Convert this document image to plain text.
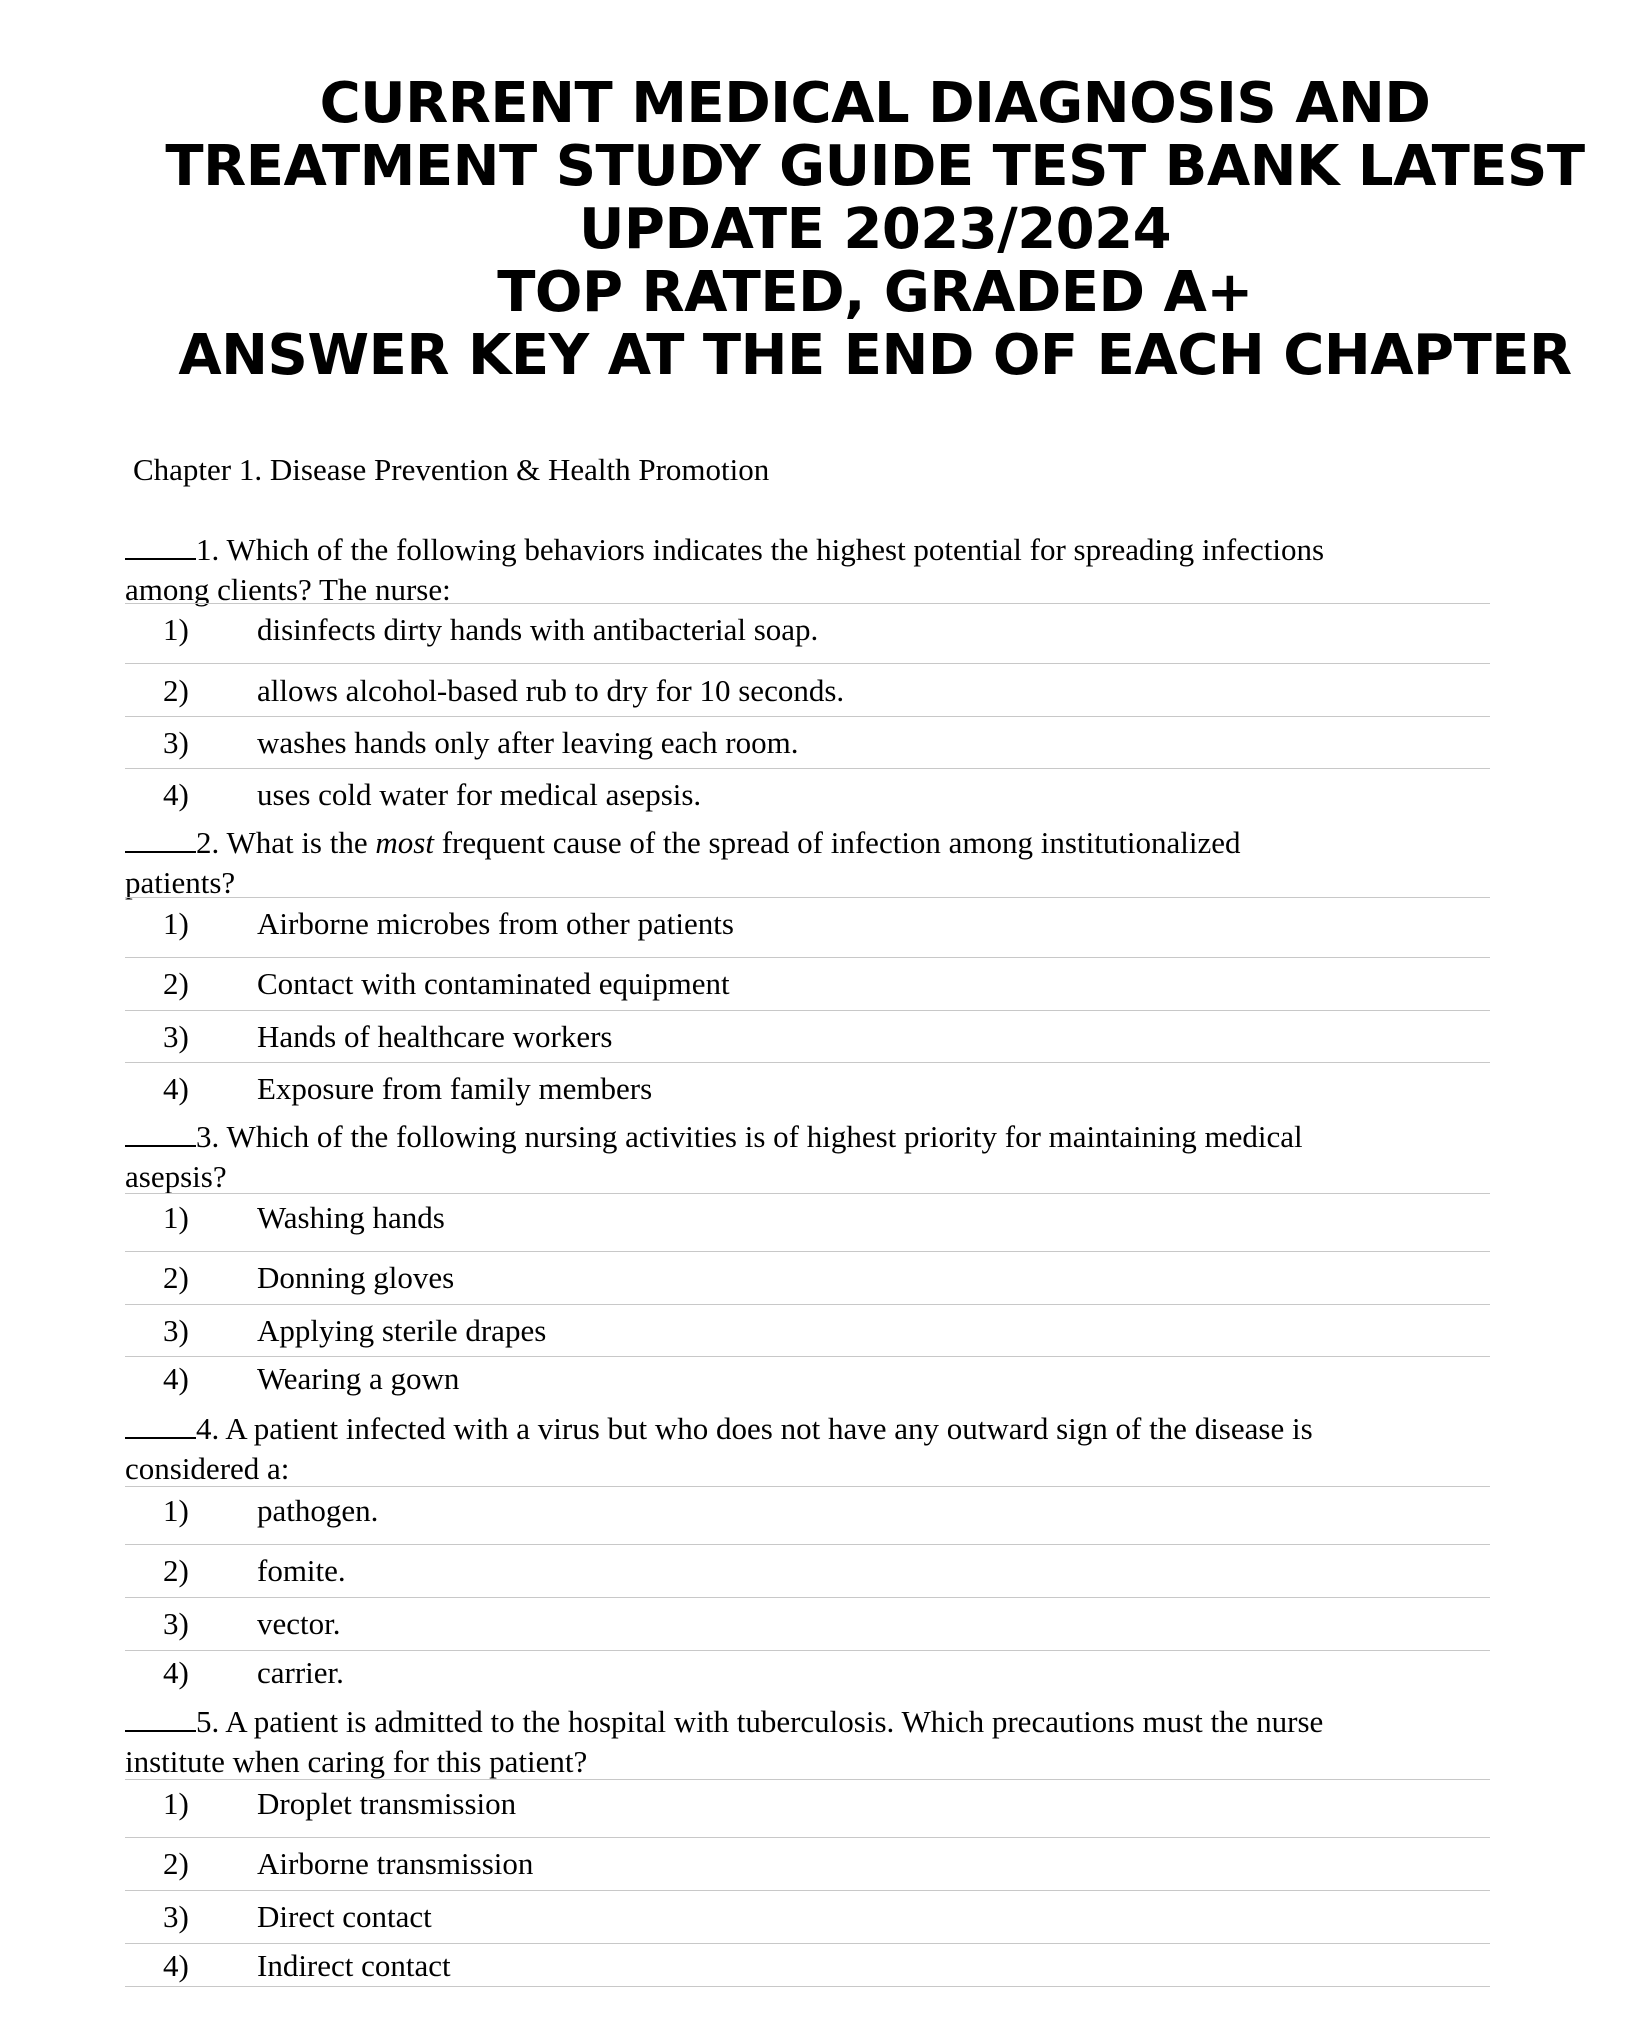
CURRENT MEDICAL DIAGNOSIS AND
TREATMENT STUDY GUIDE TEST BANK LATEST
UPDATE 2023/2024
TOP RATED, GRADED A+
ANSWER KEY AT THE END OF EACH CHAPTER
Chapter 1. Disease Prevention & Health Promotion
1. Which of the following behaviors indicates the highest potential for spreading infections
among clients? The nurse:
1) disinfects dirty hands with antibacterial soap.
2) allows alcohol-based rub to dry for 10 seconds.
3) washes hands only after leaving each room.
4) uses cold water for medical asepsis.
2. What is the most frequent cause of the spread of infection among institutionalized
patients?
1) Airborne microbes from other patients
2) Contact with contaminated equipment
3) Hands of healthcare workers
4) Exposure from family members
3. Which of the following nursing activities is of highest priority for maintaining medical
asepsis?
1) Washing hands
2) Donning gloves
3) Applying sterile drapes
4) Wearing a gown
4. A patient infected with a virus but who does not have any outward sign of the disease is
considered a:
1) pathogen.
2) fomite.
3) vector.
4) carrier.
5. A patient is admitted to the hospital with tuberculosis. Which precautions must the nurse
institute when caring for this patient?
1) Droplet transmission
2) Airborne transmission
3) Direct contact
4) Indirect contact
